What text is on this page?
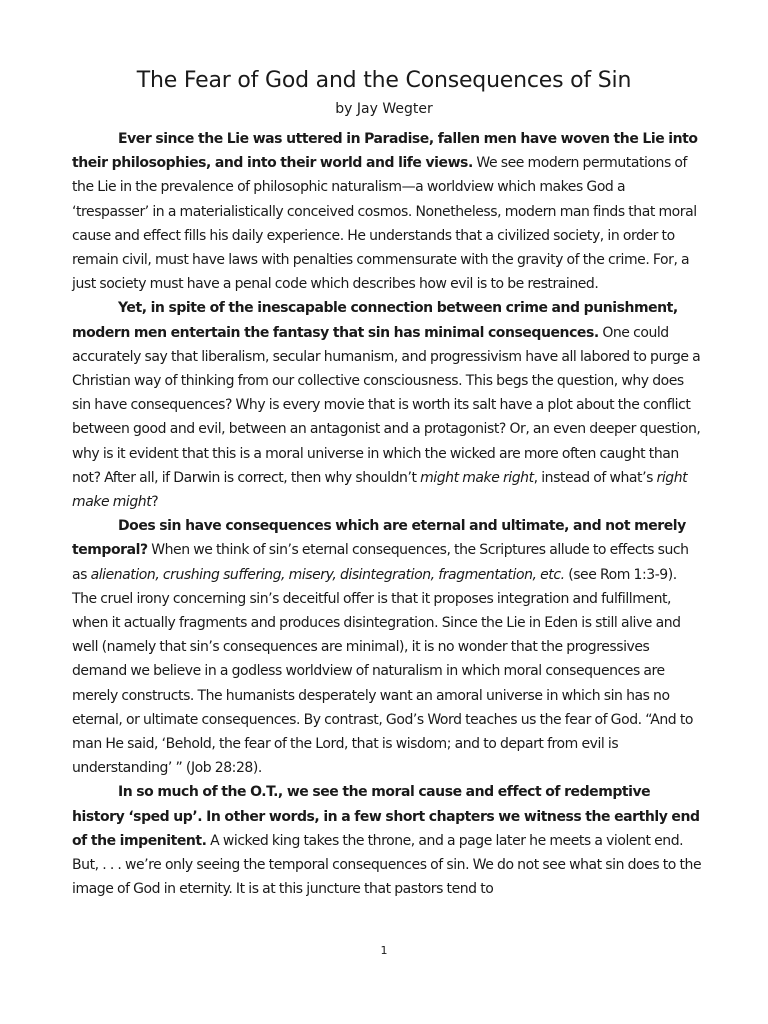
The Fear of God and the Consequences of Sin
by Jay Wegter

Ever since the Lie was uttered in Paradise, fallen men have woven the Lie into their philosophies, and into their world and life views. We see modern permutations of the Lie in the prevalence of philosophic naturalism—a worldview which makes God a ‘trespasser’ in a materialistically conceived cosmos. Nonetheless, modern man finds that moral cause and effect fills his daily experience. He understands that a civilized society, in order to remain civil, must have laws with penalties commensurate with the gravity of the crime. For, a just society must have a penal code which describes how evil is to be restrained.

Yet, in spite of the inescapable connection between crime and punishment, modern men entertain the fantasy that sin has minimal consequences. One could accurately say that liberalism, secular humanism, and progressivism have all labored to purge a Christian way of thinking from our collective consciousness. This begs the question, why does sin have consequences? Why is every movie that is worth its salt have a plot about the conflict between good and evil, between an antagonist and a protagonist? Or, an even deeper question, why is it evident that this is a moral universe in which the wicked are more often caught than not? After all, if Darwin is correct, then why shouldn’t might make right, instead of what’s right make might?

Does sin have consequences which are eternal and ultimate, and not merely temporal? When we think of sin’s eternal consequences, the Scriptures allude to effects such as alienation, crushing suffering, misery, disintegration, fragmentation, etc. (see Rom 1:3-9). The cruel irony concerning sin’s deceitful offer is that it proposes integration and fulfillment, when it actually fragments and produces disintegration. Since the Lie in Eden is still alive and well (namely that sin’s consequences are minimal), it is no wonder that the progressives demand we believe in a godless worldview of naturalism in which moral consequences are merely constructs. The humanists desperately want an amoral universe in which sin has no eternal, or ultimate consequences. By contrast, God’s Word teaches us the fear of God. “And to man He said, ‘Behold, the fear of the Lord, that is wisdom; and to depart from evil is understanding’ ” (Job 28:28).

In so much of the O.T., we see the moral cause and effect of redemptive history ‘sped up’. In other words, in a few short chapters we witness the earthly end of the impenitent. A wicked king takes the throne, and a page later he meets a violent end. But, . . . we’re only seeing the temporal consequences of sin. We do not see what sin does to the image of God in eternity. It is at this juncture that pastors tend to

1
